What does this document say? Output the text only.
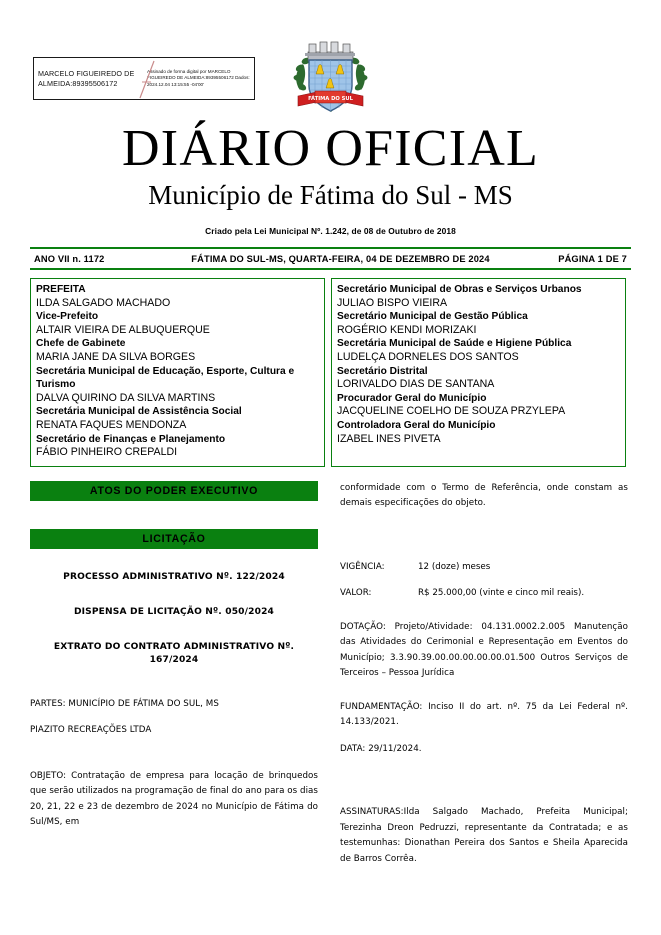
MARCELO FIGUEIREDO DE ALMEIDA:89395506172
Assinado de forma digital por MARCELO FIGUEIREDO DE ALMEIDA:89395506172 Dados: 2024.12.04 13:15:55 -04'00'
FÁTIMA DO SUL
DIÁRIO OFICIAL
Município de Fátima do Sul - MS
Criado pela Lei Municipal Nº. 1.242, de 08 de Outubro de 2018
ANO VII n. 1172	FÁTIMA DO SUL-MS, QUARTA-FEIRA, 04 DE DEZEMBRO DE 2024	PÁGINA 1 DE 7
PREFEITA
ILDA SALGADO MACHADO
Vice-Prefeito
ALTAIR VIEIRA DE ALBUQUERQUE
Chefe de Gabinete
MARIA JANE DA SILVA BORGES
Secretária Municipal de Educação, Esporte, Cultura e Turismo
DALVA QUIRINO DA SILVA MARTINS
Secretária Municipal de Assistência Social
RENATA FAQUES MENDONZA
Secretário de Finanças e Planejamento
FÁBIO PINHEIRO CREPALDI
Secretário Municipal de Obras e Serviços Urbanos
JULIAO BISPO VIEIRA
Secretário Municipal de Gestão Pública
ROGÉRIO KENDI MORIZAKI
Secretária Municipal de Saúde e Higiene Pública
LUDELÇA DORNELES DOS SANTOS
Secretário Distrital
LORIVALDO DIAS DE SANTANA
Procurador Geral do Município
JACQUELINE COELHO DE SOUZA PRZYLEPA
Controladora Geral do Município
IZABEL INES PIVETA
ATOS DO PODER EXECUTIVO
LICITAÇÃO
PROCESSO ADMINISTRATIVO Nº. 122/2024
DISPENSA DE LICITAÇÃO Nº. 050/2024
EXTRATO DO CONTRATO ADMINISTRATIVO Nº. 167/2024
PARTES: MUNICÍPIO DE FÁTIMA DO SUL, MS
PIAZITO RECREAÇÕES LTDA
OBJETO: Contratação de empresa para locação de brinquedos que serão utilizados na programação de final do ano para os dias 20, 21, 22 e 23 de dezembro de 2024 no Município de Fátima do Sul/MS, em
conformidade com o Termo de Referência, onde constam as demais especificações do objeto.
VIGÊNCIA:	12 (doze) meses
VALOR:	R$ 25.000,00 (vinte e cinco mil reais).
DOTAÇÃO: Projeto/Atividade: 04.131.0002.2.005 Manutenção das Atividades do Cerimonial e Representação em Eventos do Município; 3.3.90.39.00.00.00.00.00.01.500 Outros Serviços de Terceiros – Pessoa Jurídica
FUNDAMENTAÇÃO: Inciso II do art. nº. 75 da Lei Federal nº. 14.133/2021.
DATA: 29/11/2024.
ASSINATURAS:Ilda Salgado Machado, Prefeita Municipal; Terezinha Dreon Pedruzzi, representante da Contratada; e as testemunhas: Dionathan Pereira dos Santos e Sheila Aparecida de Barros Corrêa.
